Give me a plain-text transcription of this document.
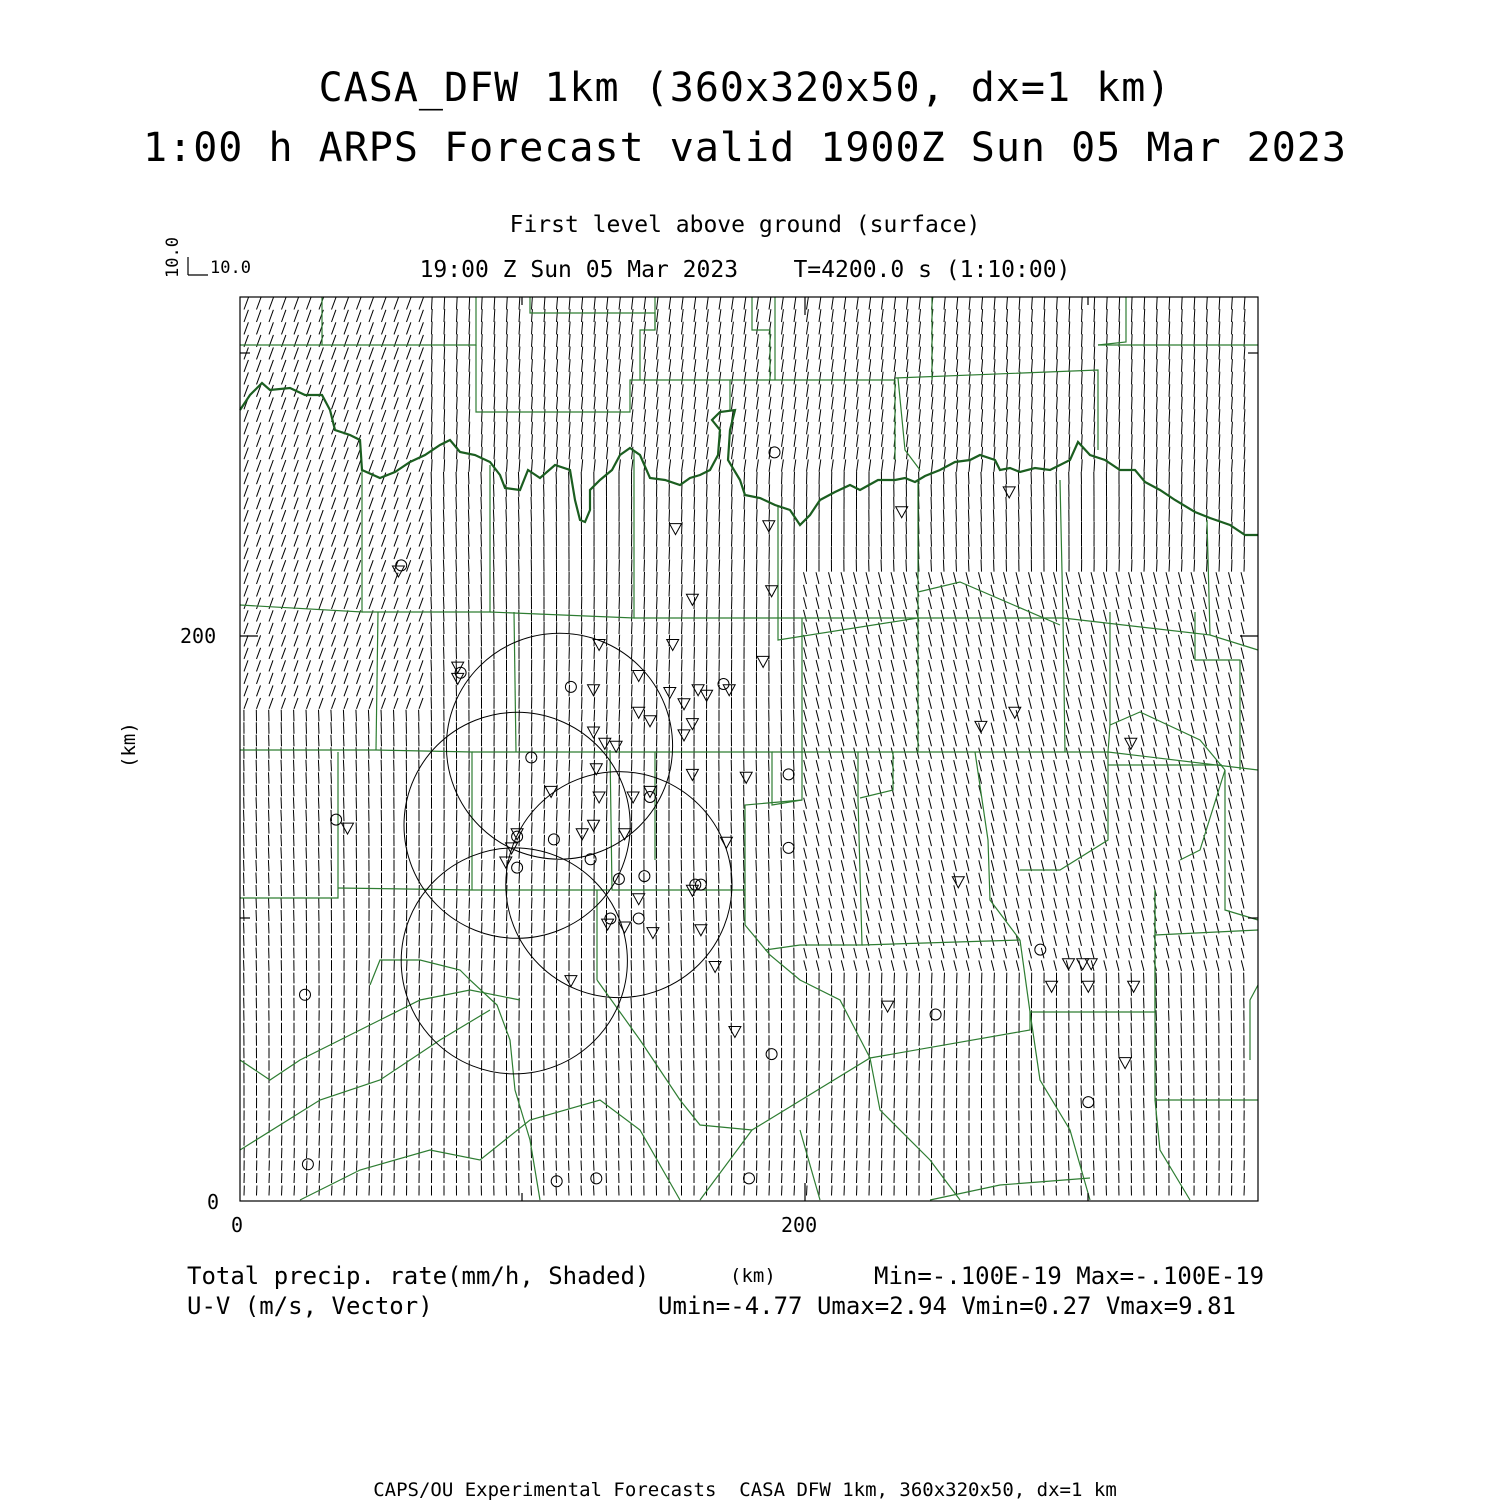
CASA_DFW 1km (360x320x50, dx=1 km)
1:00 h ARPS Forecast valid 1900Z Sun 05 Mar 2023
First level above ground (surface)
19:00 Z Sun 05 Mar 2023    T=4200.0 s (1:10:00)
10.0
10.0
(km)
200
0
0	200
Total precip. rate(mm/h, Shaded)
U-V (m/s, Vector)
(km)	Min=-.100E-19 Max=-.100E-19
Umin=-4.77 Umax=2.94 Vmin=0.27 Vmax=9.81
CAPS/OU Experimental Forecasts  CASA DFW 1km, 360x320x50, dx=1 km
